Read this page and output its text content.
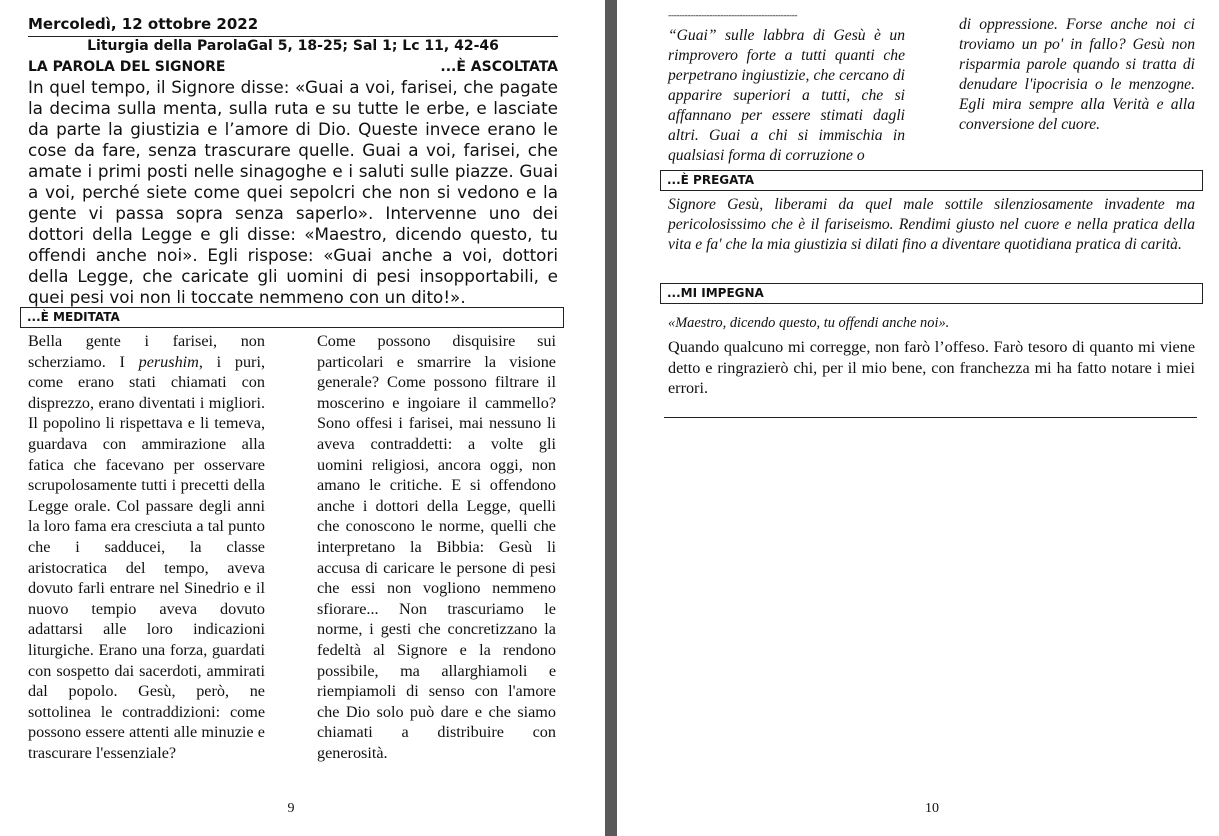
Mercoledì, 12 ottobre 2022
Liturgia della ParolaGal 5, 18-25; Sal 1; Lc 11, 42-46
LA PAROLA DEL SIGNORE	...È ASCOLTATA
In quel tempo, il Signore disse: «Guai a voi, farisei, che pagate la decima sulla menta, sulla ruta e su tutte le erbe, e lasciate da parte la giustizia e l’amore di Dio. Queste invece erano le cose da fare, senza trascurare quelle. Guai a voi, farisei, che amate i primi posti nelle sinagoghe e i saluti sulle piazze. Guai a voi, perché siete come quei sepolcri che non si vedono e la gente vi passa sopra senza saperlo». Intervenne uno dei dottori della Legge e gli disse: «Maestro, dicendo questo, tu offendi anche noi». Egli rispose: «Guai anche a voi, dottori della Legge, che caricate gli uomini di pesi insopportabili, e quei pesi voi non li toccate nemmeno con un dito!».
...È MEDITATA

Bella gente i farisei, non scherziamo. I perushim, i puri, come erano stati chiamati con disprezzo, erano diventati i migliori. Il popolino li rispettava e li temeva, guardava con ammirazione alla fatica che facevano per osservare scrupolosamente tutti i precetti della Legge orale. Col passare degli anni la loro fama era cresciuta a tal punto che i sadducei, la classe aristocratica del tempo, aveva dovuto farli entrare nel Sinedrio e il nuovo tempio aveva dovuto adattarsi alle loro indicazioni liturgiche. Erano una forza, guardati con sospetto dai sacerdoti, ammirati dal popolo. Gesù, però, ne sottolinea le contraddizioni: come possono essere attenti alle minuzie e trascurare l'essenziale?

Come possono disquisire sui particolari e smarrire la visione generale? Come possono filtrare il moscerino e ingoiare il cammello? Sono offesi i farisei, mai nessuno li aveva contraddetti: a volte gli uomini religiosi, ancora oggi, non amano le critiche. E si offendono anche i dottori della Legge, quelli che conoscono le norme, quelli che interpretano la Bibbia: Gesù li accusa di caricare le persone di pesi che essi non vogliono nemmeno sfiorare... Non trascuriamo le norme, i gesti che concretizzano la fedeltà al Signore e la rendono possibile, ma allarghiamoli e riempiamoli di senso con l'amore che Dio solo può dare e che siamo chiamati a distribuire con generosità.

9
-----------------------------------------------
“Guai” sulle labbra di Gesù è un rimprovero forte a tutti quanti che perpetrano ingiustizie, che cercano di apparire superiori a tutti, che si affannano per essere stimati dagli altri. Guai a chi si immischia in qualsiasi forma di corruzione o
di oppressione. Forse anche noi ci troviamo un po' in fallo? Gesù non risparmia parole quando si tratta di denudare l'ipocrisia o le menzogne. Egli mira sempre alla Verità e alla conversione del cuore.
...È PREGATA
Signore Gesù, liberami da quel male sottile silenziosamente invadente ma pericolosissimo che è il fariseismo. Rendimi giusto nel cuore e nella pratica della vita e fa' che la mia giustizia si dilati fino a diventare quotidiana pratica di carità.
...MI IMPEGNA
«Maestro, dicendo questo, tu offendi anche noi».
Quando qualcuno mi corregge, non farò l’offeso. Farò tesoro di quanto mi viene detto e ringrazierò chi, per il mio bene, con franchezza mi ha fatto notare i miei errori.
10
